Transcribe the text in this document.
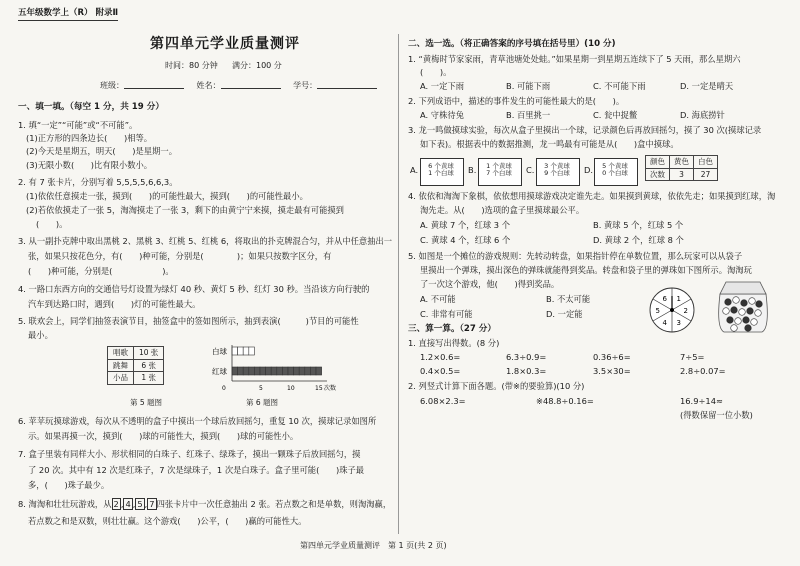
五年级数学上（R） 附录Ⅱ
第四单元学业质量测评
时间：80 分钟 满分：100 分
班级：	姓名：	学号：
一、填一填。（每空 1 分，共 19 分）
1. 填“一定”“可能”或“不可能”。
(1)正方形的四条边长(   )相等。
(2)今天是星期五，明天(   )是星期一。
(3)无限小数(   )比有限小数小。
2. 有 7 张卡片，分别写着 5,5,5,5,6,6,3。
(1)依依任意摸走一张，摸到(   )的可能性最大，摸到(   )的可能性最小。
(2)若依依摸走了一张 5，淘淘摸走了一张 3，剩下的由黄宁宁来摸，摸走最有可能摸到
(   )。
3. 从一副扑克牌中取出黑桃 2、黑桃 3、红桃 5、红桃 6，将取出的扑克牌混合匀，并从中任意抽出一
张，如果只按花色分，有(   )种可能，分别是(    	)；如果只按数字区分，有
(   )种可能，分别是(      	)。
4. 一路口东西方向的交通信号灯设置为绿灯 40 秒、黄灯 5 秒、红灯 30 秒。当沿该方向行驶的
汽车到达路口时，遇到(   )灯的可能性最大。
5. 联欢会上，同学们抽签表演节目，抽签盒中的签如图所示，抽到表演(   	)节目的可能性
最小。
唱歌	10 张
跳舞	6 张
小品	1 张
第 5 题图
白球
红球
0	5	10	15 次数
第 6 题图
6. 苹苹玩摸球游戏，每次从不透明的盒子中摸出一个球后放回摇匀，重复 10 次，摸球记录如图所
示。如果再摸一次，摸到(   )球的可能性大，摸到(   )球的可能性小。
7. 盒子里装有同样大小、形状相同的白珠子、红珠子、绿珠子，摸出一颗珠子后放回摇匀，摸
了 20 次。其中有 12 次是红珠子，7 次是绿珠子，1 次是白珠子。盒子里可能(   )珠子最
多，(   )珠子最少。
8. 淘淘和壮壮玩游戏，从 2 , 4 , 5 , 7 四张卡片中一次任意抽出 2 张。若点数之和是单数，则淘淘赢，
若点数之和是双数，则壮壮赢。这个游戏(   )公平，(   )赢的可能性大。
二、选一选。（将正确答案的序号填在括号里）(10 分)
1. “黄梅时节家家雨，青草池塘处处蛙。”如果星期一到星期五连续下了 5 天雨，那么星期六
(　　)。
A. 一定下雨	B. 可能下雨	C. 不可能下雨	D. 一定是晴天
2. 下列成语中，描述的事件发生的可能性最大的是(　　)。
A. 守株待兔	B. 百里挑一	C. 瓮中捉鳖	D. 海底捞针
3. 龙一鸣做摸球实验，每次从盒子里摸出一个球，记录颜色后再放回摇匀，摸了 30 次(摸球记录
如下表)。根据表中的数据推测，龙一鸣最有可能是从(　　)盒中摸球。
A.	6 个黄球
1 个白球	B.	1 个黄球
7 个白球	C.	3 个黄球
9 个白球	D.	5 个黄球
0 个白球
颜色	黄色	白色
次数	3	27
4. 依依和淘淘下象棋，依依想用摸球游戏决定谁先走。如果摸到黄球，依依先走；如果摸到红球，淘
淘先走。从(　　)选项的盒子里摸球最公平。
A. 黄球 7 个，红球 3 个	B. 黄球 5 个，红球 5 个
C. 黄球 4 个，红球 6 个	D. 黄球 2 个，红球 8 个
5. 如图是一个摊位的游戏规则：先转动转盘，如果指针停在单数位置，那么玩家可以从袋子
里摸出一个弹珠，摸出深色的弹珠就能得到奖品。转盘和袋子里的弹珠如下图所示。淘淘玩
了一次这个游戏，他(　　)得到奖品。
A. 不可能	B. 不太可能
C. 非常有可能	D. 一定能
1
2
3
4
5
6
三、算一算。（27 分）
1. 直接写出得数。(8 分)
1.2×0.6=	6.3÷0.9=	0.36÷6=	7÷5=
0.4×0.5=	1.8×0.3=	3.5×30=	2.8÷0.07=
2. 列竖式计算下面各题。(带※的要验算)(10 分)
6.08×2.3=	※48.8÷0.16=	16.9÷14≈
(得数保留一位小数)
第四单元学业质量测评　第 1 页(共 2 页)
